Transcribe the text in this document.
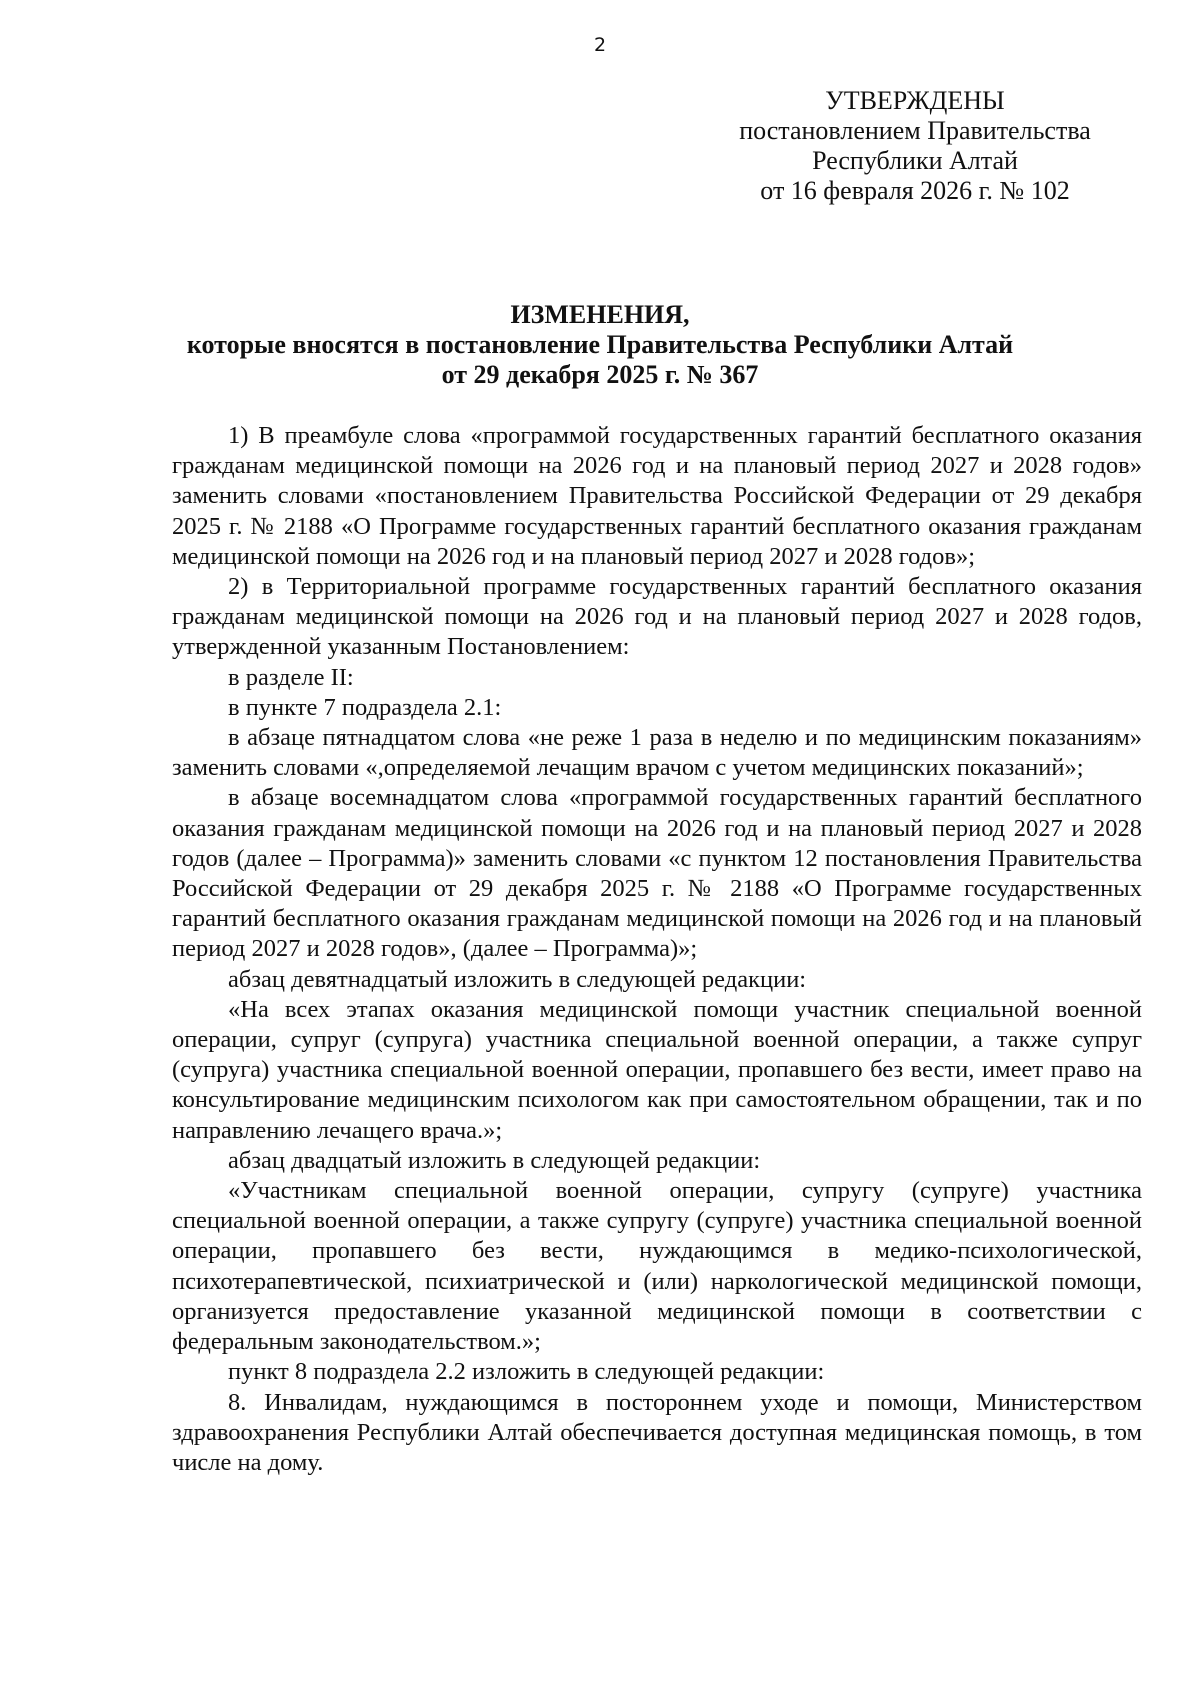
2
УТВЕРЖДЕНЫ
постановлением Правительства
Республики Алтай
от 16 февраля 2026 г. № 102
ИЗМЕНЕНИЯ,
которые вносятся в постановление Правительства Республики Алтай
от 29 декабря 2025 г. № 367

1) В преамбуле слова «программой государственных гарантий бесплатного оказания гражданам медицинской помощи на 2026 год и на плановый период 2027 и 2028 годов» заменить словами «постановлением Правительства Российской Федерации от 29 декабря 2025 г. № 2188 «О Программе государственных гарантий бесплатного оказания гражданам медицинской помощи на 2026 год и на плановый период 2027 и 2028 годов»;

2) в Территориальной программе государственных гарантий бесплатного оказания гражданам медицинской помощи на 2026 год и на плановый период 2027 и 2028 годов, утвержденной указанным Постановлением:

в разделе II:

в пункте 7 подраздела 2.1:

в абзаце пятнадцатом слова «не реже 1 раза в неделю и по медицинским показаниям» заменить словами «,определяемой лечащим врачом с учетом медицинских показаний»;

в абзаце восемнадцатом слова «программой государственных гарантий бесплатного оказания гражданам медицинской помощи на 2026 год и на плановый период 2027 и 2028 годов (далее – Программа)» заменить словами «с пунктом 12 постановления Правительства Российской Федерации от 29 декабря 2025 г. № 2188 «О Программе государственных гарантий бесплатного оказания гражданам медицинской помощи на 2026 год и на плановый период 2027 и 2028 годов», (далее – Программа)»;

абзац девятнадцатый изложить в следующей редакции:

«На всех этапах оказания медицинской помощи участник специальной военной операции, супруг (супруга) участника специальной военной операции, а также супруг (супруга) участника специальной военной операции, пропавшего без вести, имеет право на консультирование медицинским психологом как при самостоятельном обращении, так и по направлению лечащего врача.»;

абзац двадцатый изложить в следующей редакции:

«Участникам специальной военной операции, супругу (супруге) участника специальной военной операции, а также супругу (супруге) участника специальной военной операции, пропавшего без вести, нуждающимся в медико-психологической, психотерапевтической, психиатрической и (или) наркологической медицинской помощи, организуется предоставление указанной медицинской помощи в соответствии с федеральным законодательством.»;

пункт 8 подраздела 2.2 изложить в следующей редакции:

8. Инвалидам, нуждающимся в постороннем уходе и помощи, Министерством здравоохранения Республики Алтай обеспечивается доступная медицинская помощь, в том числе на дому.
